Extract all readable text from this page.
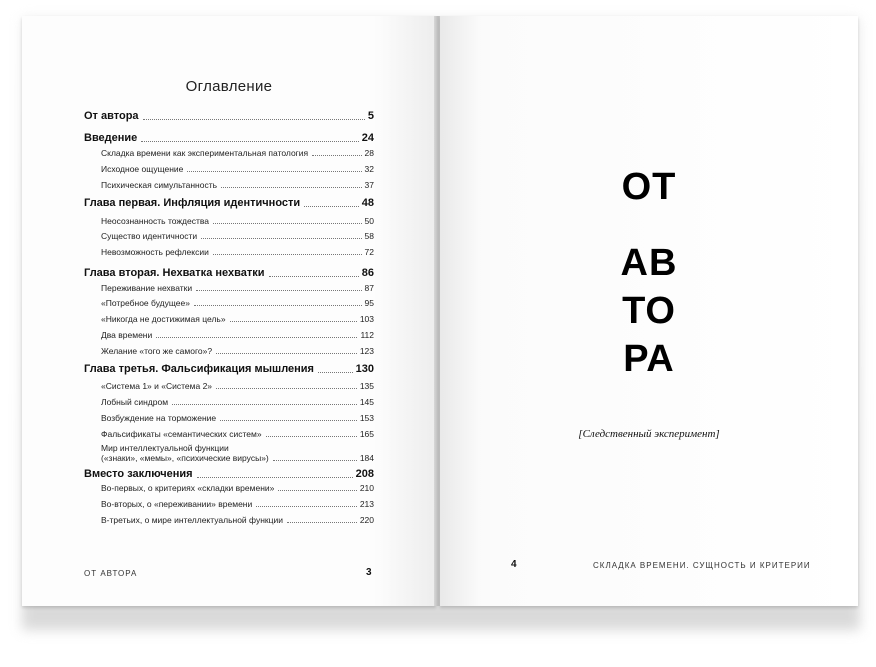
Оглавление
От автора	5
Введение	24
Складка времени как экспериментальная патология	28
Исходное ощущение	32
Психическая симультанность	37
Глава первая. Инфляция идентичности	48
Неосознанность тождества	50
Существо идентичности	58
Невозможность рефлексии	72
Глава вторая. Нехватка нехватки	86
Переживание нехватки	87
«Потребное будущее»	95
«Никогда не достижимая цель»	103
Два времени	112
Желание «того же самого»?	123
Глава третья. Фальсификация мышления	130
«Система 1» и «Система 2»	135
Лобный синдром	145
Возбуждение на торможение	153
Фальсификаты «семантических систем»	165
Мир интеллектуальной функции
(«знаки», «мемы», «психические вирусы»)	184
Вместо заключения	208
Во-первых, о критериях «складки времени»	210
Во-вторых, о «переживании» времени	213
В-третьих, о мире интеллектуальной функции	220
ОТ АВТОРА	3
ОТ
АВ
ТО
РА
[Следственный эксперимент]
4	СКЛАДКА ВРЕМЕНИ. СУЩНОСТЬ И КРИТЕРИИ
